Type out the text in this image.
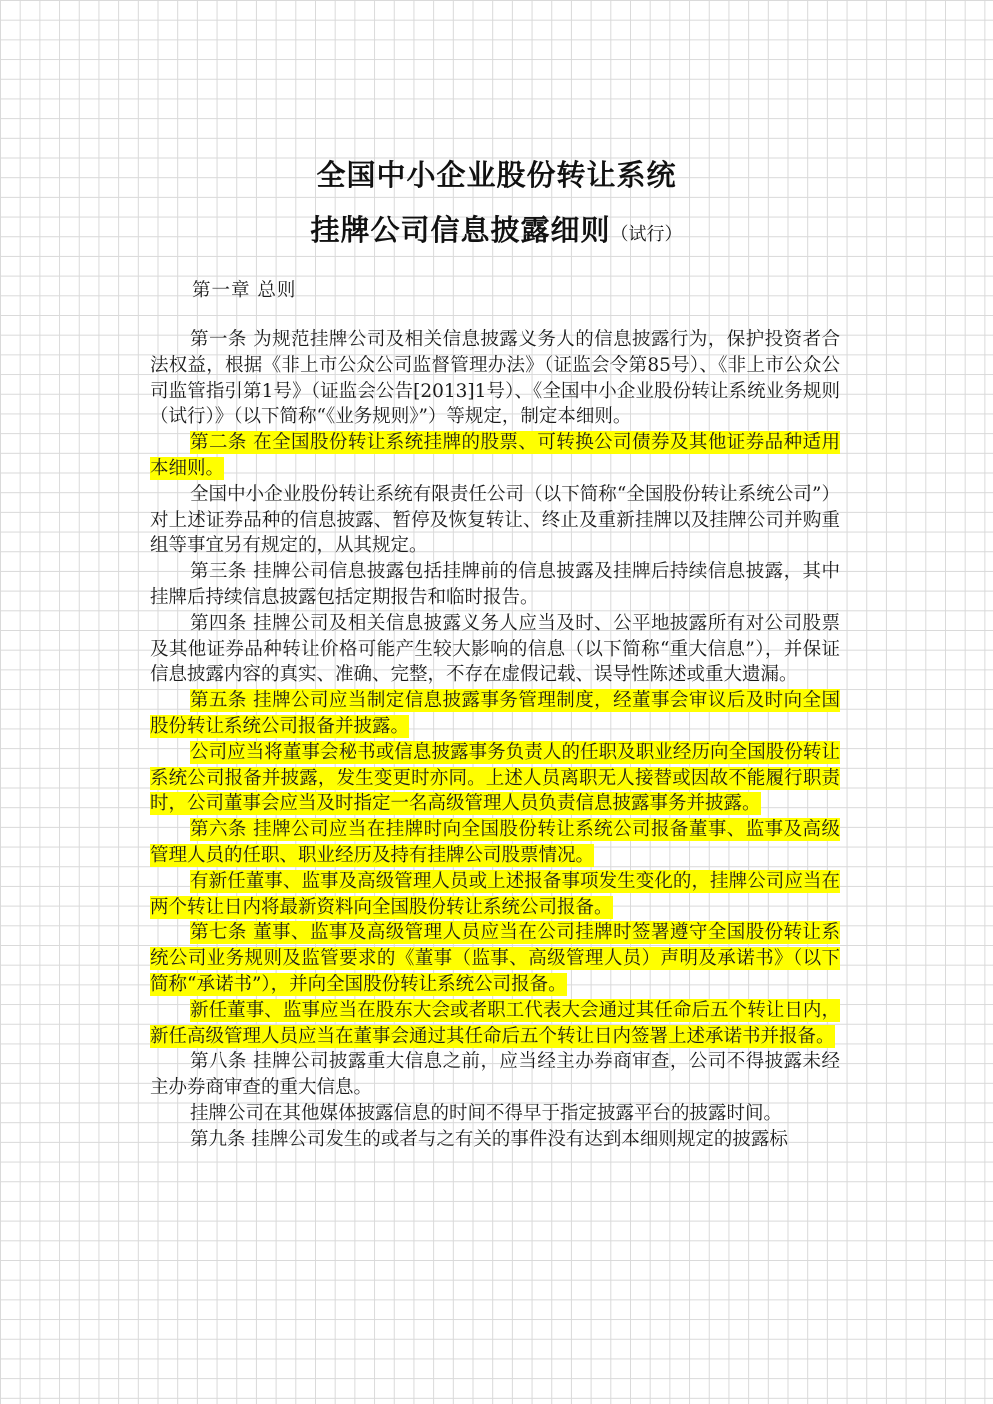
全国中小企业股份转让系统
挂牌公司信息披露细则（试行）
第一章 总则

第一条 为规范挂牌公司及相关信息披露义务人的信息披露行为，保护投资者合法权益，根据《非上市公众公司监督管理办法》（证监会令第85号）、《非上市公众公司监管指引第1号》（证监会公告[2013]1号）、《全国中小企业股份转让系统业务规则（试行）》（以下简称“《业务规则》”）等规定，制定本细则。

第二条 在全国股份转让系统挂牌的股票、可转换公司债券及其他证券品种适用本细则。

全国中小企业股份转让系统有限责任公司（以下简称“全国股份转让系统公司”）对上述证券品种的信息披露、暂停及恢复转让、终止及重新挂牌以及挂牌公司并购重组等事宜另有规定的，从其规定。

第三条 挂牌公司信息披露包括挂牌前的信息披露及挂牌后持续信息披露，其中挂牌后持续信息披露包括定期报告和临时报告。

第四条 挂牌公司及相关信息披露义务人应当及时、公平地披露所有对公司股票及其他证券品种转让价格可能产生较大影响的信息（以下简称“重大信息”），并保证信息披露内容的真实、准确、完整，不存在虚假记载、误导性陈述或重大遗漏。

第五条 挂牌公司应当制定信息披露事务管理制度，经董事会审议后及时向全国股份转让系统公司报备并披露。

公司应当将董事会秘书或信息披露事务负责人的任职及职业经历向全国股份转让系统公司报备并披露，发生变更时亦同。上述人员离职无人接替或因故不能履行职责时，公司董事会应当及时指定一名高级管理人员负责信息披露事务并披露。

第六条 挂牌公司应当在挂牌时向全国股份转让系统公司报备董事、监事及高级管理人员的任职、职业经历及持有挂牌公司股票情况。

有新任董事、监事及高级管理人员或上述报备事项发生变化的，挂牌公司应当在两个转让日内将最新资料向全国股份转让系统公司报备。

第七条 董事、监事及高级管理人员应当在公司挂牌时签署遵守全国股份转让系统公司业务规则及监管要求的《董事（监事、高级管理人员）声明及承诺书》（以下简称“承诺书”），并向全国股份转让系统公司报备。

新任董事、监事应当在股东大会或者职工代表大会通过其任命后五个转让日内，新任高级管理人员应当在董事会通过其任命后五个转让日内签署上述承诺书并报备。

第八条 挂牌公司披露重大信息之前，应当经主办券商审查，公司不得披露未经主办券商审查的重大信息。

挂牌公司在其他媒体披露信息的时间不得早于指定披露平台的披露时间。

第九条 挂牌公司发生的或者与之有关的事件没有达到本细则规定的披露标
